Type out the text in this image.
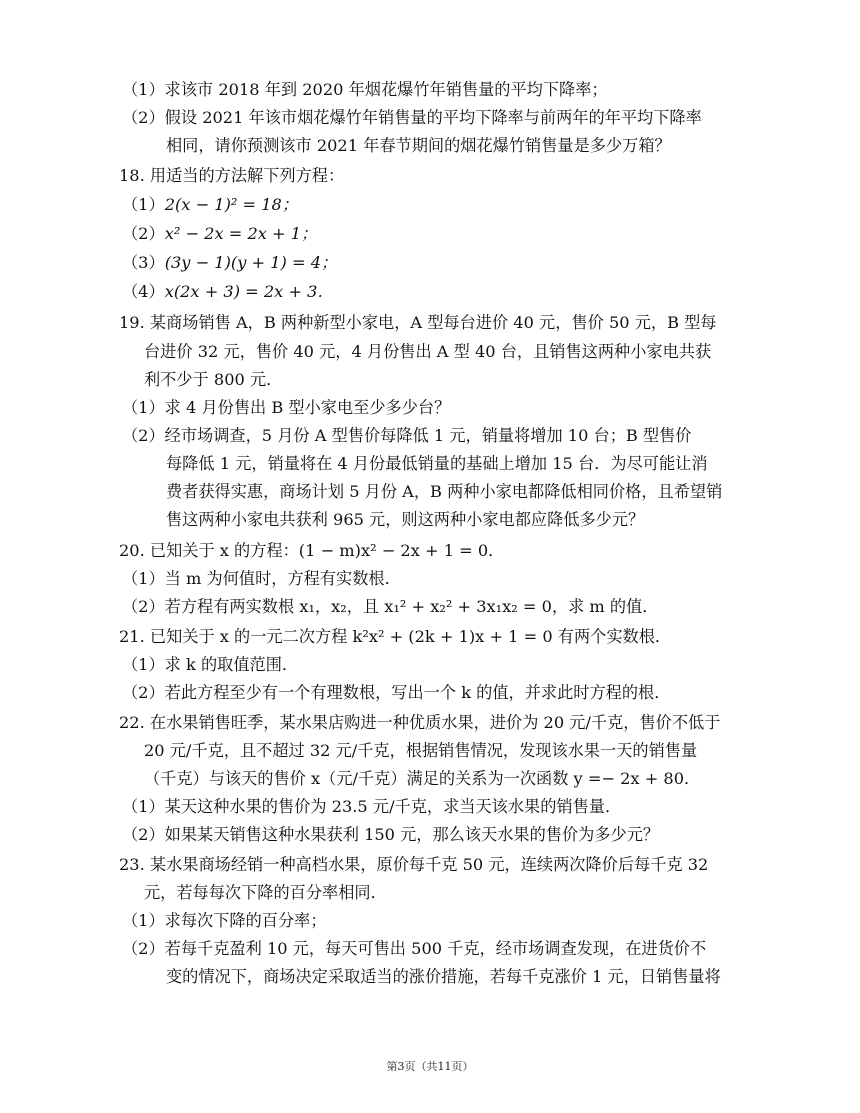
（1）求该市 2018 年到 2020 年烟花爆竹年销售量的平均下降率；
（2）假设 2021 年该市烟花爆竹年销售量的平均下降率与前两年的年平均下降率
相同，请你预测该市 2021 年春节期间的烟花爆竹销售量是多少万箱？
18. 用适当的方法解下列方程：
（1）2(x − 1)² = 18；
（2）x² − 2x = 2x + 1；
（3）(3y − 1)(y + 1) = 4；
（4）x(2x + 3) = 2x + 3．
19. 某商场销售 A，B 两种新型小家电，A 型每台进价 40 元，售价 50 元，B 型每
台进价 32 元，售价 40 元，4 月份售出 A 型 40 台，且销售这两种小家电共获
利不少于 800 元．
（1）求 4 月份售出 B 型小家电至少多少台？
（2）经市场调查，5 月份 A 型售价每降低 1 元，销量将增加 10 台；B 型售价
每降低 1 元，销量将在 4 月份最低销量的基础上增加 15 台．为尽可能让消
费者获得实惠，商场计划 5 月份 A，B 两种小家电都降低相同价格，且希望销
售这两种小家电共获利 965 元，则这两种小家电都应降低多少元？
20. 已知关于 x 的方程：(1 − m)x² − 2x + 1 = 0．
（1）当 m 为何值时，方程有实数根．
（2）若方程有两实数根 x₁，x₂，且 x₁² + x₂² + 3x₁x₂ = 0，求 m 的值．
21. 已知关于 x 的一元二次方程 k²x² + (2k + 1)x + 1 = 0 有两个实数根．
（1）求 k 的取值范围．
（2）若此方程至少有一个有理数根，写出一个 k 的值，并求此时方程的根．
22. 在水果销售旺季，某水果店购进一种优质水果，进价为 20 元/千克，售价不低于
20 元/千克，且不超过 32 元/千克，根据销售情况，发现该水果一天的销售量
（千克）与该天的售价 x（元/千克）满足的关系为一次函数 y =− 2x + 80．
（1）某天这种水果的售价为 23.5 元/千克，求当天该水果的销售量．
（2）如果某天销售这种水果获利 150 元，那么该天水果的售价为多少元？
23. 某水果商场经销一种高档水果，原价每千克 50 元，连续两次降价后每千克 32
元，若每每次下降的百分率相同．
（1）求每次下降的百分率；
（2）若每千克盈利 10 元，每天可售出 500 千克，经市场调查发现，在进货价不
变的情况下，商场决定采取适当的涨价措施，若每千克涨价 1 元，日销售量将
第3页（共11页）
